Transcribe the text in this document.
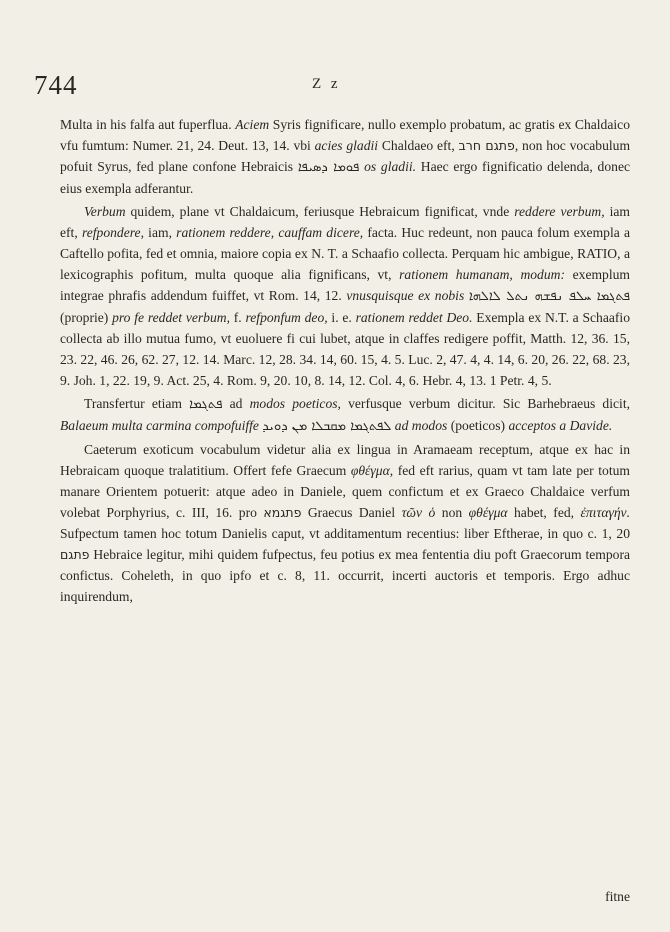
744	Z z

Multa in his falfa aut fuperflua. Aciem Syris fignificare, nullo exemplo probatum, ac gratis ex Chaldaico vfu fumtum: Numer. 21, 24. Deut. 13, 14. vbi acies gladii Chaldaeo eft, פתגם חרב, non hoc vocabulum pofuit Syrus, fed plane confone Hebraicis ܦܘܡܐ ܕܣܝܦܐ os gladii. Haec ergo fignificatio delenda, donec eius exempla adferantur.

Verbum quidem, plane vt Chaldaicum, feriusque Hebraicum fignificat, vnde reddere verbum, iam eft, refpondere, iam, rationem reddere, cauffam dicere, facta. Huc redeunt, non pauca folum exempla a Caftello pofita, fed et omnia, maiore copia ex N. T. a Schaafio collecta. Perquam hic ambigue, RATIO, a lexicographis pofitum, multa quoque alia fignificans, vt, rationem humanam, modum: exemplum integrae phrafis addendum fuiffet, vt Rom. 14, 12. vnusquisque ex nobis ܦܬܓܡܐ ܚܠܦ ܢܦܫܗ ܢܬܠ ܠܐܠܗܐ (proprie) pro fe reddet verbum, f. refponfum deo, i. e. rationem reddet Deo. Exempla ex N.T. a Schaafio collecta ab illo mutua fumo, vt euoluere fi cui lubet, atque in claffes redigere poffit, Matth. 12, 36. 15, 23. 22, 46. 26, 62. 27, 12. 14. Marc. 12, 28. 34. 14, 60. 15, 4. 5. Luc. 2, 47. 4, 4. 14, 6. 20, 26. 22, 68. 23, 9. Joh. 1, 22. 19, 9. Act. 25, 4. Rom. 9, 20. 10, 8. 14, 12. Col. 4, 6. Hebr. 4, 13. 1 Petr. 4, 5.

Transfertur etiam ܦܬܓܡܐ ad modos poeticos, verfusque verbum dicitur. Sic Barhebraeus dicit, Balaeum multa carmina compofuiffe ܠܦܬܓܡܐ ܡܩܒܠܐ ܡܢ ܕܘܝܕ ad modos (poeticos) acceptos a Davide.

Caeterum exoticum vocabulum videtur alia ex lingua in Aramaeam receptum, atque ex hac in Hebraicam quoque tralatitium. Offert fefe Graecum φθέγμα, fed eft rarius, quam vt tam late per totum manare Orientem potuerit: atque adeo in Daniele, quem confictum et ex Graeco Chaldaice verfum volebat Porphyrius, c. III, 16. pro פתגמא Graecus Daniel τῶν ὁ non φθέγμα habet, fed, ἐπιταγήν. Sufpectum tamen hoc totum Danielis caput, vt additamentum recentius: liber Eftherae, in quo c. 1, 20 פתגם Hebraice legitur, mihi quidem fufpectus, feu potius ex mea fententia diu poft Graecorum tempora confictus. Coheleth, in quo ipfo et c. 8, 11. occurrit, incerti auctoris et temporis. Ergo adhuc inquirendum,

fitne
